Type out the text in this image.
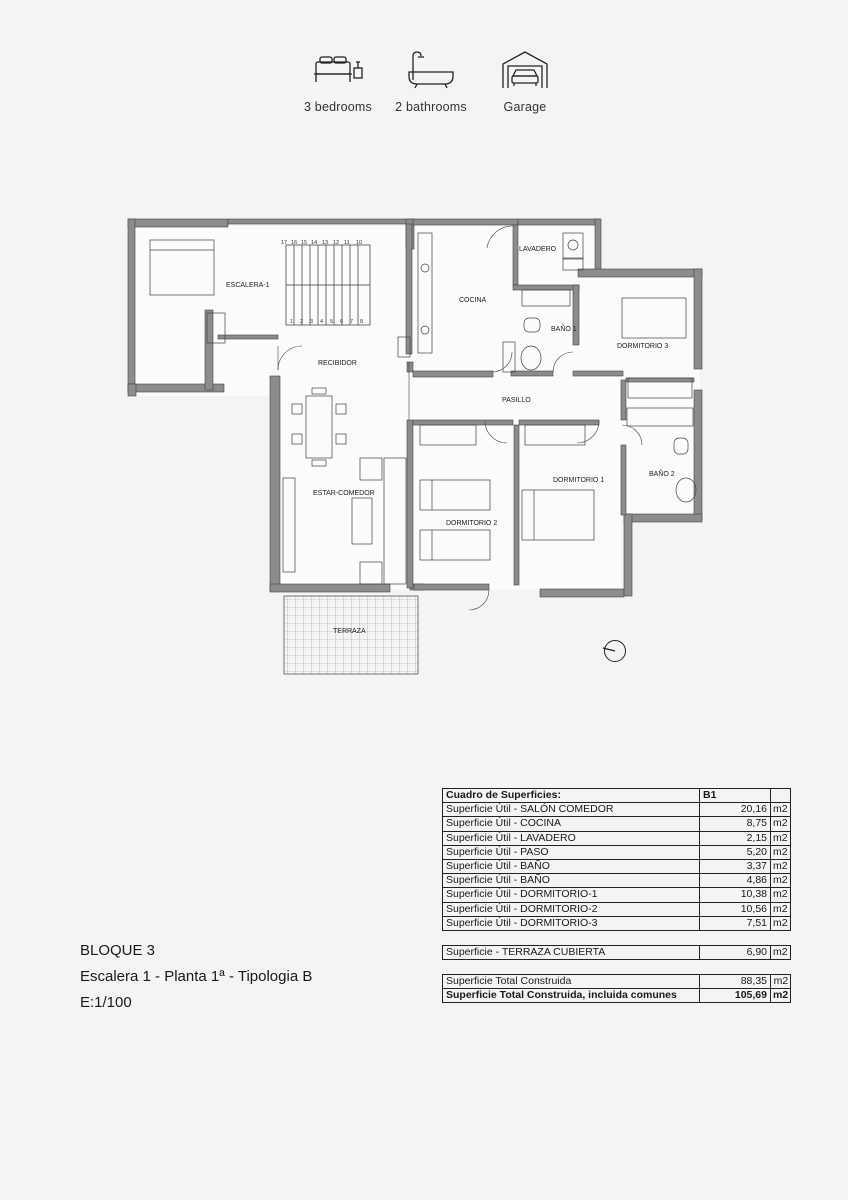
3 bedrooms	2 bathrooms	Garage
17 16 15 14 13 12 11 10
1 2 3 4 5 6 7 8
ESCALERA-1
COCINA
LAVADERO
BAÑO 1
DORMITORIO 3
RECIBIDOR
PASILLO
BAÑO 2
DORMITORIO 1
DORMITORIO 2
ESTAR-COMEDOR
TERRAZA
BLOQUE 3
Escalera 1 - Planta 1ª - Tipologia B
E:1/100
Cuadro de Superficies:	B1	
Superficie Útil - SALÓN COMEDOR	20,16	m2
Superficie Útil - COCINA	8,75	m2
Superficie Útil - LAVADERO	2,15	m2
Superficie Útil - PASO	5,20	m2
Superficie Útil - BAÑO	3,37	m2
Superficie Útil - BAÑO	4,86	m2
Superficie Útil - DORMITORIO-1	10,38	m2
Superficie Útil - DORMITORIO-2	10,56	m2
Superficie Útil - DORMITORIO-3	7,51	m2
Superficie - TERRAZA CUBIERTA	6,90	m2
Superficie Total Construida	88,35	m2
Superficie Total Construida, incluida comunes	105,69	m2
